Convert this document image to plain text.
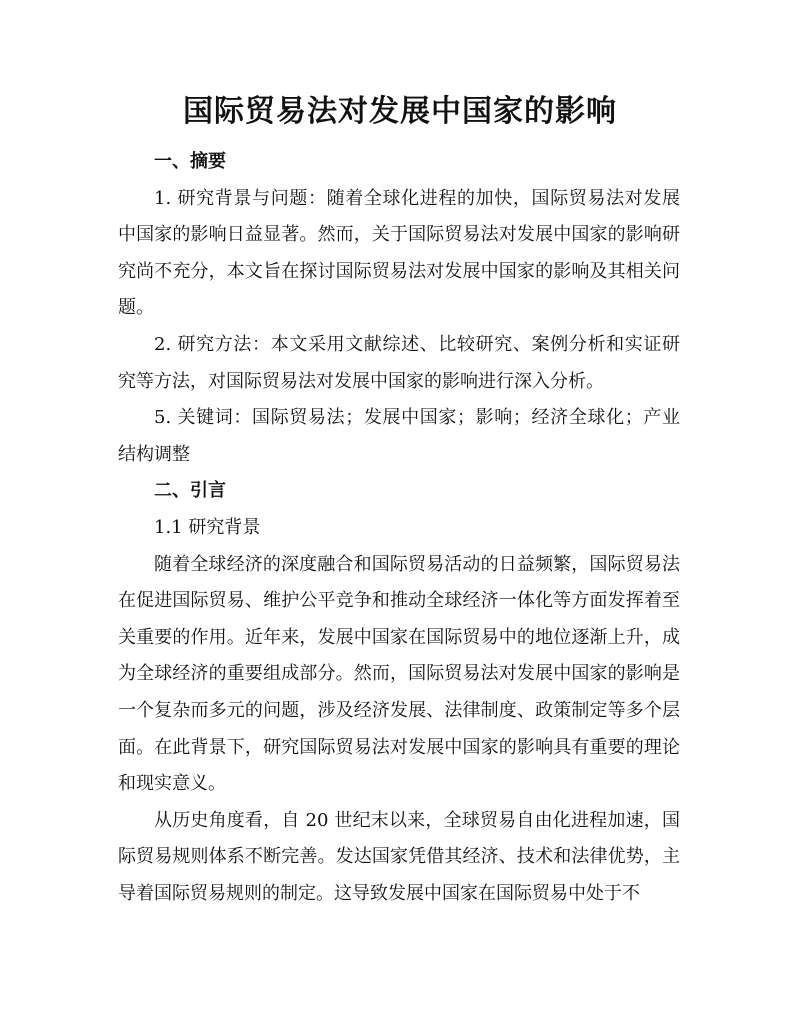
国际贸易法对发展中国家的影响
一、摘要

1. 研究背景与问题：随着全球化进程的加快，国际贸易法对发展中国家的影响日益显著。然而，关于国际贸易法对发展中国家的影响研究尚不充分，本文旨在探讨国际贸易法对发展中国家的影响及其相关问题。

2. 研究方法：本文采用文献综述、比较研究、案例分析和实证研究等方法，对国际贸易法对发展中国家的影响进行深入分析。

5. 关键词：国际贸易法；发展中国家；影响；经济全球化；产业结构调整

二、引言

1.1 研究背景

随着全球经济的深度融合和国际贸易活动的日益频繁，国际贸易法在促进国际贸易、维护公平竞争和推动全球经济一体化等方面发挥着至关重要的作用。近年来，发展中国家在国际贸易中的地位逐渐上升，成为全球经济的重要组成部分。然而，国际贸易法对发展中国家的影响是一个复杂而多元的问题，涉及经济发展、法律制度、政策制定等多个层面。在此背景下，研究国际贸易法对发展中国家的影响具有重要的理论和现实意义。

从历史角度看，自 20 世纪末以来，全球贸易自由化进程加速，国际贸易规则体系不断完善。发达国家凭借其经济、技术和法律优势，主导着国际贸易规则的制定。这导致发展中国家在国际贸易中处于不
